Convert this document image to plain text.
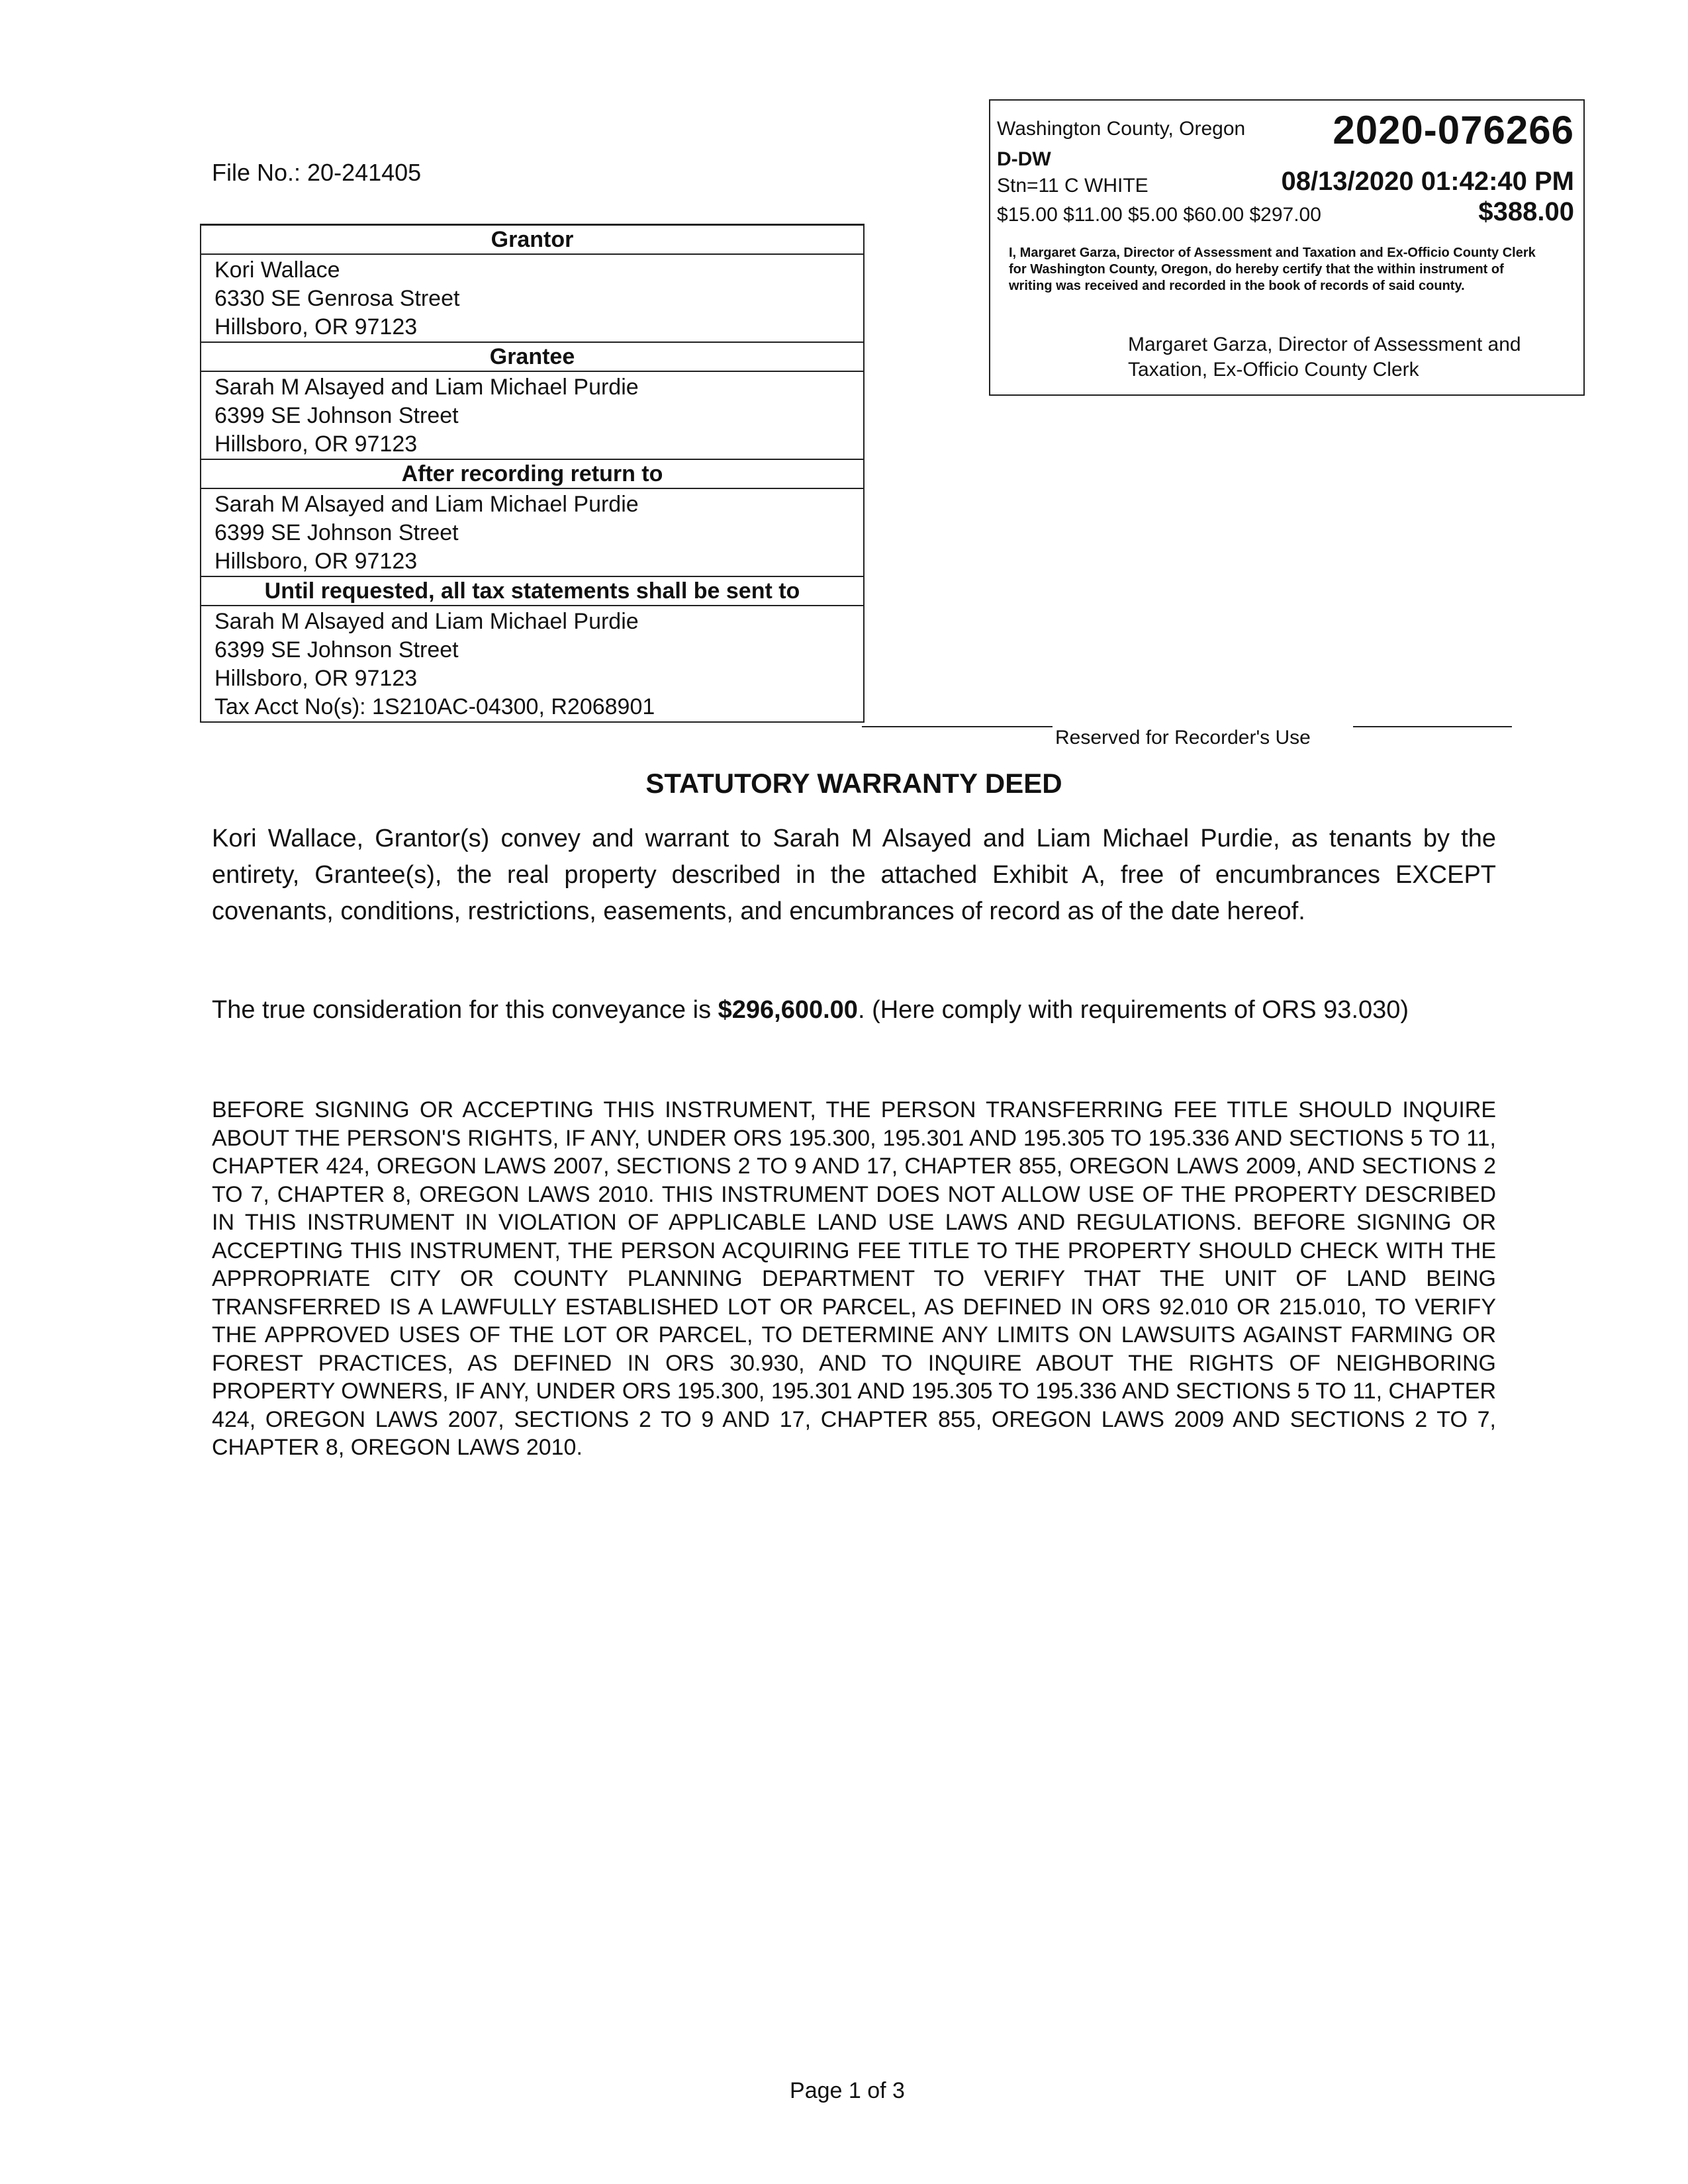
File No.: 20-241405
Grantor
Kori Wallace
6330 SE Genrosa Street
Hillsboro, OR 97123
Grantee
Sarah M Alsayed and Liam Michael Purdie
6399 SE Johnson Street
Hillsboro, OR 97123
After recording return to
Sarah M Alsayed and Liam Michael Purdie
6399 SE Johnson Street
Hillsboro, OR 97123
Until requested, all tax statements shall be sent to
Sarah M Alsayed and Liam Michael Purdie
6399 SE Johnson Street
Hillsboro, OR 97123
Tax Acct No(s): 1S210AC-04300, R2068901
Washington County, Oregon 2020-076266
D-DW
Stn=11 C WHITE	08/13/2020 01:42:40 PM
$15.00 $11.00 $5.00 $60.00 $297.00	$388.00
I, Margaret Garza, Director of Assessment and Taxation and Ex-Officio County Clerk for Washington County, Oregon, do hereby certify that the within instrument of writing was received and recorded in the book of records of said county.
Margaret Garza, Director of Assessment and Taxation, Ex-Officio County Clerk
Reserved for Recorder's Use
STATUTORY WARRANTY DEED
Kori Wallace, Grantor(s) convey and warrant to Sarah M Alsayed and Liam Michael Purdie, as tenants by the entirety, Grantee(s), the real property described in the attached Exhibit A, free of encumbrances EXCEPT covenants, conditions, restrictions, easements, and encumbrances of record as of the date hereof.
The true consideration for this conveyance is $296,600.00. (Here comply with requirements of ORS 93.030)
BEFORE SIGNING OR ACCEPTING THIS INSTRUMENT, THE PERSON TRANSFERRING FEE TITLE SHOULD INQUIRE ABOUT THE PERSON'S RIGHTS, IF ANY, UNDER ORS 195.300, 195.301 AND 195.305 TO 195.336 AND SECTIONS 5 TO 11, CHAPTER 424, OREGON LAWS 2007, SECTIONS 2 TO 9 AND 17, CHAPTER 855, OREGON LAWS 2009, AND SECTIONS 2 TO 7, CHAPTER 8, OREGON LAWS 2010. THIS INSTRUMENT DOES NOT ALLOW USE OF THE PROPERTY DESCRIBED IN THIS INSTRUMENT IN VIOLATION OF APPLICABLE LAND USE LAWS AND REGULATIONS. BEFORE SIGNING OR ACCEPTING THIS INSTRUMENT, THE PERSON ACQUIRING FEE TITLE TO THE PROPERTY SHOULD CHECK WITH THE APPROPRIATE CITY OR COUNTY PLANNING DEPARTMENT TO VERIFY THAT THE UNIT OF LAND BEING TRANSFERRED IS A LAWFULLY ESTABLISHED LOT OR PARCEL, AS DEFINED IN ORS 92.010 OR 215.010, TO VERIFY THE APPROVED USES OF THE LOT OR PARCEL, TO DETERMINE ANY LIMITS ON LAWSUITS AGAINST FARMING OR FOREST PRACTICES, AS DEFINED IN ORS 30.930, AND TO INQUIRE ABOUT THE RIGHTS OF NEIGHBORING PROPERTY OWNERS, IF ANY, UNDER ORS 195.300, 195.301 AND 195.305 TO 195.336 AND SECTIONS 5 TO 11, CHAPTER 424, OREGON LAWS 2007, SECTIONS 2 TO 9 AND 17, CHAPTER 855, OREGON LAWS 2009 AND SECTIONS 2 TO 7, CHAPTER 8, OREGON LAWS 2010.
Page 1 of 3
